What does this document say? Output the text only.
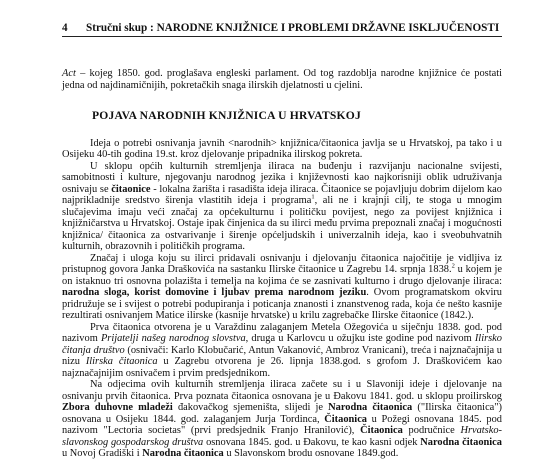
4 Stručni skup : NARODNE KNJIŽNICE I PROBLEMI DRŽAVNE ISKLJUČENOSTI

Act – kojeg 1850. god. proglašava engleski parlament. Od tog razdoblja narodne knjižnice će postati jedna od najdinamičnijih, pokretačkih snaga ilirskih djelatnosti u cjelini.

POJAVA NARODNIH KNJIŽNICA U HRVATSKOJ

Ideja o potrebi osnivanja javnih <narodnih> knjižnica/čitaonica javlja se u Hrvatskoj, pa tako i u Osijeku 40-tih godina 19.st. kroz djelovanje pripadnika ilirskog pokreta.

U sklopu općih kulturnih stremljenja iliraca na buđenju i razvijanju nacionalne svijesti, samobitnosti i kulture, njegovanju narodnog jezika i književnosti kao najkorisniji oblik udruživanja osnivaju se čitaonice - lokalna žarišta i rasadišta ideja iliraca. Čitaonice se pojavljuju dobrim dijelom kao najprikladnije sredstvo širenja vlastitih ideja i programa$^1$, ali ne i krajnji cilj, te stoga u mnogim slučajevima imaju veći značaj za općekulturnu i političku povijest, nego za povijest knjižnica i knjižničarstva u Hrvatskoj. Ostaje ipak činjenica da su ilirci među prvima prepoznali značaj i mogućnosti knjižnica/ čitaonica za ostvarivanje i širenje općeljudskih i univerzalnih ideja, kao i sveobuhvatnih kulturnih, obrazovnih i političkih programa.

Značaj i uloga koju su ilirci pridavali osnivanju i djelovanju čitaonica najočitije je vidljiva iz pristupnog govora Janka Draškovića na sastanku Ilirske čitaonice u Zagrebu 14. srpnja 1838.$^2$ u kojem je on istaknuo tri osnovna polazišta i temelja na kojima će se zasnivati kulturno i drugo djelovanje iliraca: narodna sloga, korist domovine i ljubav prema narodnom jeziku. Ovom programatskom okviru pridružuje se i svijest o potrebi podupiranja i poticanja znanosti i znanstvenog rada, koja će nešto kasnije rezultirati osnivanjem Matice ilirske (kasnije hrvatske) u krilu zagrebačke Ilirske čitaonice (1842.).

Prva čitaonica otvorena je u Varaždinu zalaganjem Metela Ožegovića u siječnju 1838. god. pod nazivom Prijatelji našeg narodnog slovstva, druga u Karlovcu u ožujku iste godine pod nazivom Ilirsko čitanja društvo (osnivači: Karlo Klobučarić, Antun Vakanović, Ambroz Vranicani), treća i najznačajnija u nizu Ilirska čitaonica u Zagrebu otvorena je 26. lipnja 1838.god. s grofom J. Draškovićem kao najznačajnijim osnivačem i prvim predsjednikom.

Na odjecima ovih kulturnih stremljenja iliraca začete su i u Slavoniji ideje i djelovanje na osnivanju prvih čitaonica. Prva poznata čitaonica osnovana je u Đakovu 1841. god. u sklopu proilirskog Zbora duhovne mladeži đakovačkog sjemeništa, slijedi je Narodna čitaonica ("Ilirska čitaonica") osnovana u Osijeku 1844. god. zalaganjem Jurja Tordinca, Čitaonica u Požegi osnovana 1845. pod nazivom "Lectoria societas" (prvi predsjednik Franjo Hranilović), Čitaonica područnice Hrvatsko-slavonskog gospodarskog društva osnovana 1845. god. u Đakovu, te kao kasni odjek Narodna čitaonica u Novoj Gradiški i Narodna čitaonica u Slavonskom brodu osnovane 1849.god.
